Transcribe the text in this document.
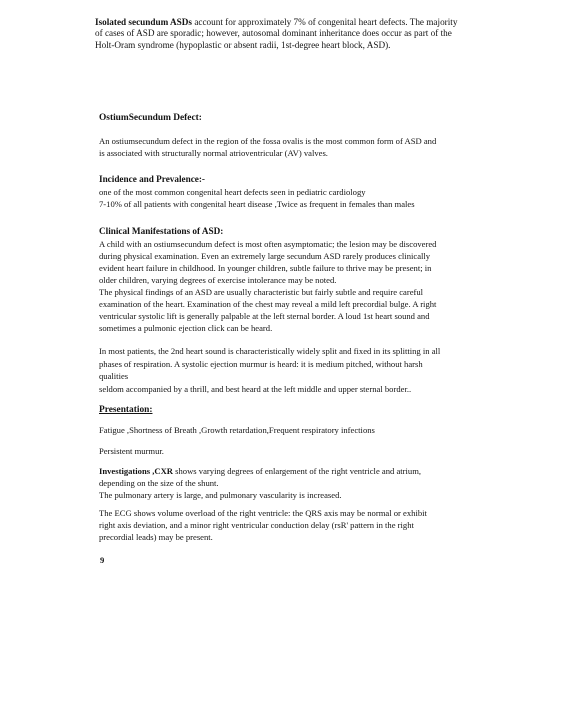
Isolated secundum ASDs account for approximately 7% of congenital heart defects. The majority
of cases of ASD are sporadic; however, autosomal dominant inheritance does occur as part of the
Holt-Oram syndrome (hypoplastic or absent radii, 1st-degree heart block, ASD).

OstiumSecundum Defect:

An ostiumsecundum defect in the region of the fossa ovalis is the most common form of ASD and
is associated with structurally normal atrioventricular (AV) valves.

Incidence and Prevalence:-

one of the most common congenital heart defects seen in pediatric cardiology
7-10% of all patients with congenital heart disease ,Twice as frequent in females than males

Clinical Manifestations of ASD:

A child with an ostiumsecundum defect is most often asymptomatic; the lesion may be discovered
during physical examination. Even an extremely large secundum ASD rarely produces clinically
evident heart failure in childhood. In younger children, subtle failure to thrive may be present; in
older children, varying degrees of exercise intolerance may be noted.
The physical findings of an ASD are usually characteristic but fairly subtle and require careful
examination of the heart. Examination of the chest may reveal a mild left precordial bulge. A right
ventricular systolic lift is generally palpable at the left sternal border. A loud 1st heart sound and
sometimes a pulmonic ejection click can be heard.

In most patients, the 2nd heart sound is characteristically widely split and fixed in its splitting in all
phases of respiration. A systolic ejection murmur is heard: it is medium pitched, without harsh
qualities
seldom accompanied by a thrill, and best heard at the left middle and upper sternal border..

Presentation:

Fatigue ,Shortness of Breath ,Growth retardation,Frequent respiratory infections

Persistent murmur.

Investigations ,CXR shows varying degrees of enlargement of the right ventricle and atrium,
depending on the size of the shunt.
The pulmonary artery is large, and pulmonary vascularity is increased.

The ECG shows volume overload of the right ventricle: the QRS axis may be normal or exhibit
right axis deviation, and a minor right ventricular conduction delay (rsR' pattern in the right
precordial leads) may be present.

9
